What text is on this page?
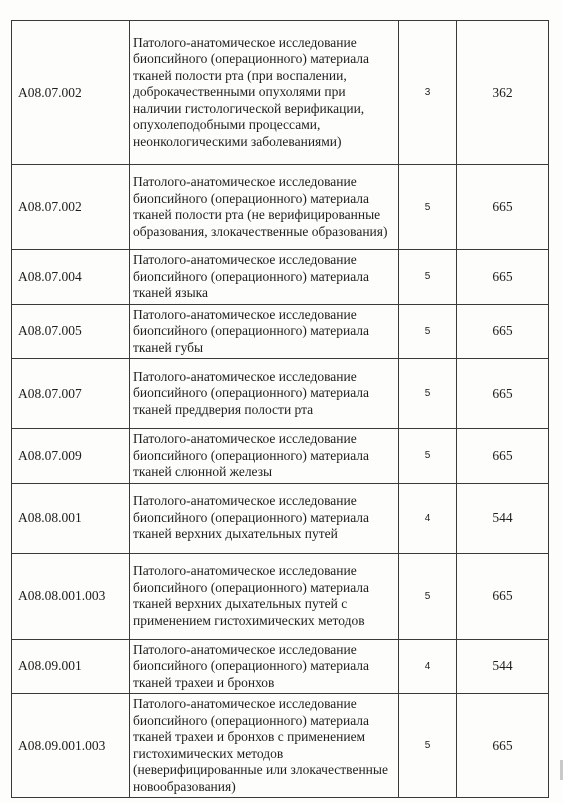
A08.07.002	Патолого-анатомическое исследование биопсийного (операционного) материала тканей полости рта (при воспалении, доброкачественными опухолями при наличии гистологической верификации, опухолеподобными процессами, неонкологическими заболеваниями)	3	362
A08.07.002	Патолого-анатомическое исследование биопсийного (операционного) материала тканей полости рта (не верифицированные образования, злокачественные образования)	5	665
A08.07.004	Патолого-анатомическое исследование биопсийного (операционного) материала тканей языка	5	665
A08.07.005	Патолого-анатомическое исследование биопсийного (операционного) материала тканей губы	5	665
A08.07.007	Патолого-анатомическое исследование биопсийного (операционного) материала тканей преддверия полости рта	5	665
A08.07.009	Патолого-анатомическое исследование биопсийного (операционного) материала тканей слюнной железы	5	665
A08.08.001	Патолого-анатомическое исследование биопсийного (операционного) материала тканей верхних дыхательных путей	4	544
A08.08.001.003	Патолого-анатомическое исследование биопсийного (операционного) материала тканей верхних дыхательных путей с применением гистохимических методов	5	665
A08.09.001	Патолого-анатомическое исследование биопсийного (операционного) материала тканей трахеи и бронхов	4	544
A08.09.001.003	Патолого-анатомическое исследование биопсийного (операционного) материала тканей трахеи и бронхов с применением гистохимических методов (неверифицированные или злокачественные новообразования)	5	665
